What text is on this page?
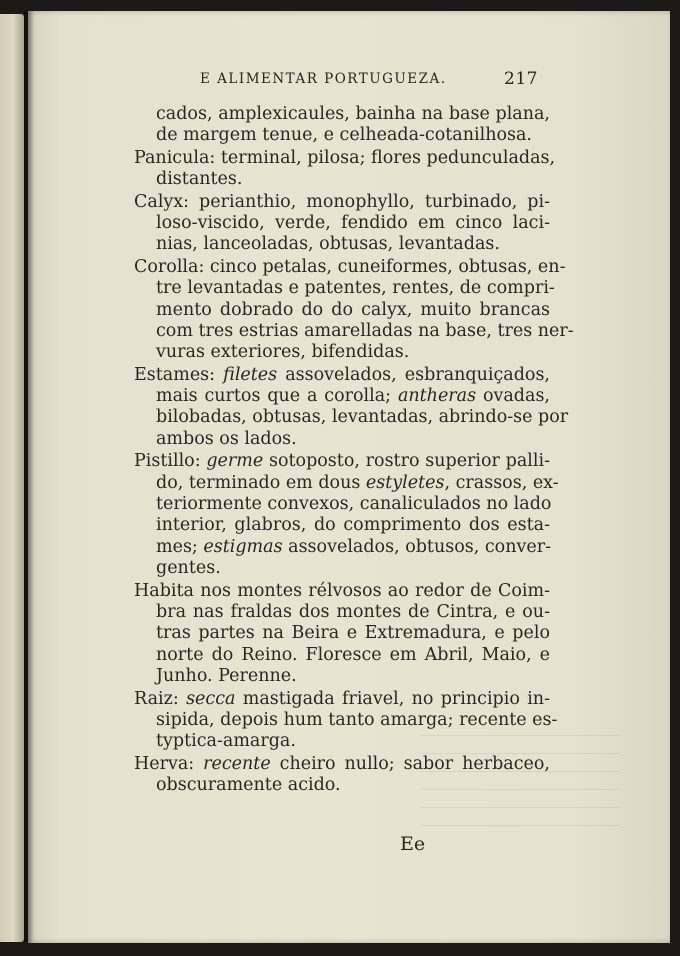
E ALIMENTAR PORTUGUEZA.	217
cados, amplexicaules, bainha na base plana,
de margem tenue, e celheada-cotanilhosa.
Panicula: terminal, pilosa; flores pedunculadas,
distantes.
Calyx: perianthio, monophyllo, turbinado, pi-
loso-viscido, verde, fendido em cinco laci-
nias, lanceoladas, obtusas, levantadas.
Corolla: cinco petalas, cuneiformes, obtusas, en-
tre levantadas e patentes, rentes, de compri-
mento dobrado do do calyx, muito brancas
com tres estrias amarelladas na base, tres ner-
vuras exteriores, bifendidas.
Estames: filetes assovelados, esbranquiçados,
mais curtos que a corolla; antheras ovadas,
bilobadas, obtusas, levantadas, abrindo-se por
ambos os lados.
Pistillo: germe sotoposto, rostro superior palli-
do, terminado em dous estyletes, crassos, ex-
teriormente convexos, canaliculados no lado
interior, glabros, do comprimento dos esta-
mes; estigmas assovelados, obtusos, conver-
gentes.
Habita nos montes rélvosos ao redor de Coim-
bra nas fraldas dos montes de Cintra, e ou-
tras partes na Beira e Extremadura, e pelo
norte do Reino. Floresce em Abril, Maio, e
Junho. Perenne.
Raiz: secca mastigada friavel, no principio in-
sipida, depois hum tanto amarga; recente es-
typtica-amarga.
Herva: recente cheiro nullo; sabor herbaceo,
obscuramente acido.
Ee
